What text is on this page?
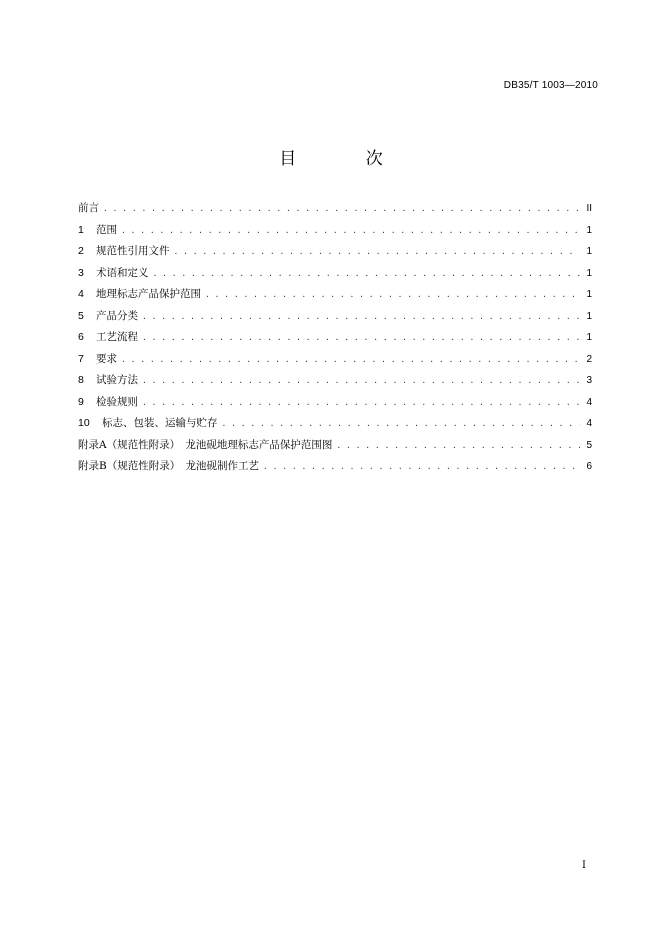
DB35/T 1003—2010
目 次
前言 . . .	II
1	范围 . . .	1
2	规范性引用文件 . . .	1
3	术语和定义 . . .	1
4	地理标志产品保护范围 . . .	1
5	产品分类 . . .	1
6	工艺流程 . . .	1
7	要求 . . .	2
8	试验方法 . . .	3
9	检验规则 . . .	4
10	标志、包装、运输与贮存 . . .	4
附录A（规范性附录）　龙池砚地理标志产品保护范围图 . . .	5
附录B（规范性附录）　龙池砚制作工艺 . . .	6
I
